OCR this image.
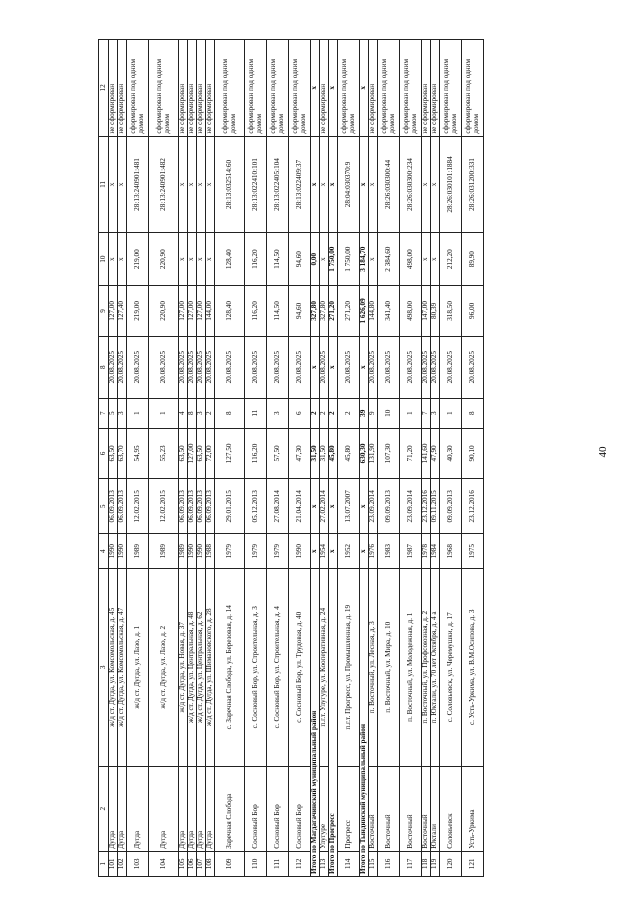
40
1	2	3	4	5	6	7	8	9	10	11	12
101	Дугда	ж/д ст. Дугда, ул. Комсомольская, д. 45	1990	06.09.2013	63,50	5	20.08.2025	127,00	х	х	не сформирован
102	Дугда	ж/д ст. Дугда, ул. Комсомольская, д. 47	1990	06.09.2013	63,70	3	20.08.2025	127,40	х	х	не сформирован
103	Дугда	ж/д ст. Дугда, ул. Лазо, д. 1	1989	12.02.2015	54,95	1	20.08.2025	219,00	219,00	28:13:240901:481	сформирован под одним домом
104	Дугда	ж/д ст. Дугда, ул. Лазо, д. 2	1989	12.02.2015	55,23	1	20.08.2025	220,90	220,90	28:13:240901:482	сформирован под одним домом
105	Дугда	ж/д ст. Дугда, ул. Новая, д. 37	1989	06.09.2013	63,50	4	20.08.2025	127,00	х	х	не сформирован
106	Дугда	ж/д ст. Дугда, ул. Центральная, д. 48	1990	06.09.2013	127,00	8	20.08.2025	127,00	х	х	не сформирован
107	Дугда	ж/д ст. Дугда, ул. Центральная, д. 62	1990	06.09.2013	63,50	3	20.08.2025	127,00	х	х	не сформирован
108	Дугда	ж/д ст. Дугда, ул. Шимановского, д. 28	1988	06.09.2013	72,00	2	20.08.2025	144,00	х	х	не сформирован
109	Заречная Слобода	с. Заречная Слобода, ул. Березовая, д. 14	1979	29.01.2015	127,50	8	20.08.2025	128,40	128,40	28:13:032514:60	сформирован под одним домом
110	Сосновый Бор	с. Сосновый Бор, ул. Строительная, д. 3	1979	05.12.2013	116,20	11	20.08.2025	116,20	116,20	28:13:022410:101	сформирован под одним домом
111	Сосновый Бор	с. Сосновый Бор, ул. Строительная, д. 4	1979	27.08.2014	57,50	3	20.08.2025	114,50	114,50	28:13:022405:104	сформирован под одним домом
112	Сосновый Бор	с. Сосновый Бор, ул. Трудовая, д. 40	1990	21.04.2014	47,30	6	20.08.2025	94,60	94,60	28:13:022409:37	сформирован под одним домом
Итого по Магдагачинский муниципальный район			х	х	31,50	2	х	327,80	0,00	х	х
113	Улугуре	п.г.т. Улугуре, ул. Кооперативная, д. 24	1954	27.02.2014	31,50	2	20.08.2025	327,80	х	х	не сформирован
Итого по Прогресс			х	х	45,80	2	х	271,20	1 750,00	х	х
114	Прогресс	п.г.т. Прогресс, ул. Промышленная, д. 19	1952	13.07.2007	45,80	2	20.08.2025	271,20	1 750,00	28:04:030370:9	сформирован под одним домом
Итого по Тындинский муниципальный район			х	х	630,30	39	х	1 626,09	3 184,70	х	х
115	Восточный	п. Восточный, ул. Лесная, д. 3	1976	23.09.2014	131,90	9	20.08.2025	144,80	х	х	не сформирован
116	Восточный	п. Восточный, ул. Мира, д. 10	1983	09.09.2013	107,30	10	20.08.2025	341,40	2 384,60	28:26:030300:44	сформирован под одним домом
117	Восточный	п. Восточный, ул. Молодежная, д. 1	1987	23.09.2014	71,20	1	20.08.2025	498,00	498,00	28:26:030300:234	сформирован под одним домом
118	Восточный	п. Восточный, ул. Профсоюзная, д. 2	1978	23.12.2016	141,60	7	20.08.2025	147,00	х	х	не сформирован
119	Юктали	п. Юктали, ул. 70 лет Октября, д. 4 а	1984	09.11.2015	47,90	3	20.08.2025	80,39	х	х	не сформирован
120	Соловьевск	с. Соловьевск, ул. Черемушки, д. 17	1968	09.09.2013	40,30	1	20.08.2025	318,50	212,20	28:26:030101:1884	сформирован под одним домом
121	Усть-Уркима	с. Усть-Уркима, ул. В.М.Осипова, д. 3	1975	23.12.2016	90,10	8	20.08.2025	96,00	89,90	28:26:031200:331	сформирован под одним домом
